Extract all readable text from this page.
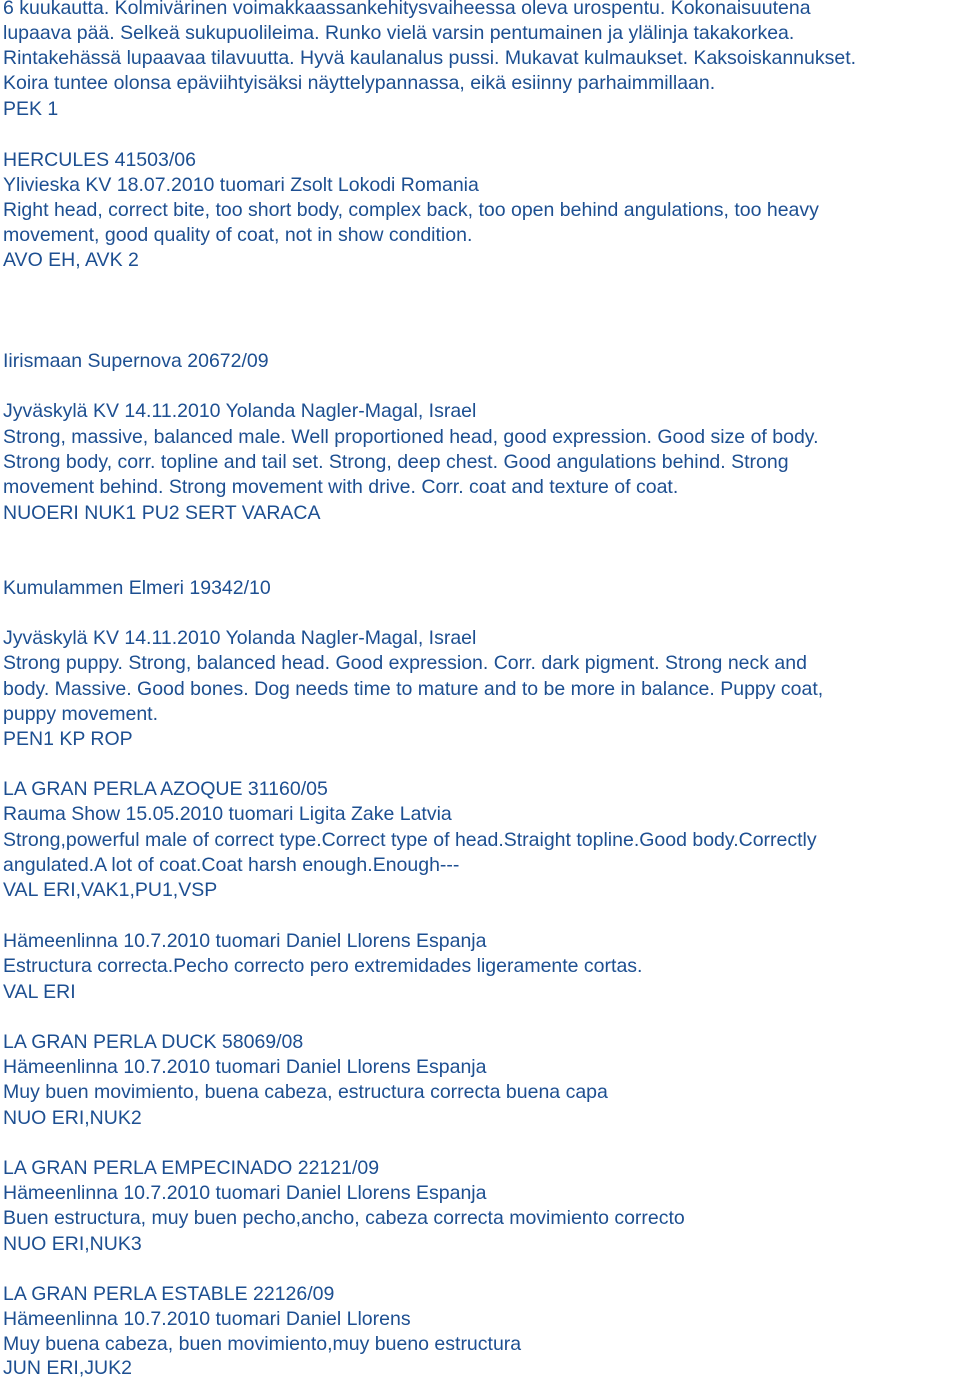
6 kuukautta. Kolmivärinen voimakkaassankehitysvaiheessa oleva urospentu. Kokonaisuutena
lupaava pää. Selkeä sukupuolileima. Runko vielä varsin pentumainen ja ylälinja takakorkea.
Rintakehässä lupaavaa tilavuutta. Hyvä kaulanalus pussi. Mukavat kulmaukset. Kaksoiskannukset.
Koira tuntee olonsa epäviihtyisäksi näyttelypannassa, eikä esiinny parhaimmillaan.
PEK 1
HERCULES 41503/06
Ylivieska KV 18.07.2010 tuomari Zsolt Lokodi Romania
Right head, correct bite, too short body, complex back, too open behind angulations, too heavy
movement, good quality of coat, not in show condition.
AVO EH, AVK 2
Iirismaan Supernova 20672/09
Jyväskylä KV 14.11.2010 Yolanda Nagler-Magal, Israel
Strong, massive, balanced male. Well proportioned head, good expression. Good size of body.
Strong body, corr. topline and tail set. Strong, deep chest. Good angulations behind. Strong
movement behind. Strong movement with drive. Corr. coat and texture of coat.
NUOERI NUK1 PU2 SERT VARACA
Kumulammen Elmeri 19342/10
Jyväskylä KV 14.11.2010 Yolanda Nagler-Magal, Israel
Strong puppy. Strong, balanced head. Good expression. Corr. dark pigment. Strong neck and
body. Massive. Good bones. Dog needs time to mature and to be more in balance. Puppy coat,
puppy movement.
PEN1 KP ROP
LA GRAN PERLA AZOQUE 31160/05
Rauma Show 15.05.2010 tuomari Ligita Zake Latvia
Strong,powerful male of correct type.Correct type of head.Straight topline.Good body.Correctly
angulated.A lot of coat.Coat harsh enough.Enough---
VAL ERI,VAK1,PU1,VSP
Hämeenlinna 10.7.2010 tuomari Daniel Llorens Espanja
Estructura correcta.Pecho correcto pero extremidades ligeramente cortas.
VAL ERI
LA GRAN PERLA DUCK 58069/08
Hämeenlinna 10.7.2010 tuomari Daniel Llorens Espanja
Muy buen movimiento, buena cabeza, estructura correcta buena capa
NUO ERI,NUK2
LA GRAN PERLA EMPECINADO 22121/09
Hämeenlinna 10.7.2010 tuomari Daniel Llorens Espanja
Buen estructura, muy buen pecho,ancho, cabeza correcta movimiento correcto
NUO ERI,NUK3
LA GRAN PERLA ESTABLE 22126/09
Hämeenlinna 10.7.2010 tuomari Daniel Llorens
Muy buena cabeza, buen movimiento,muy bueno estructura
JUN ERI,JUK2
